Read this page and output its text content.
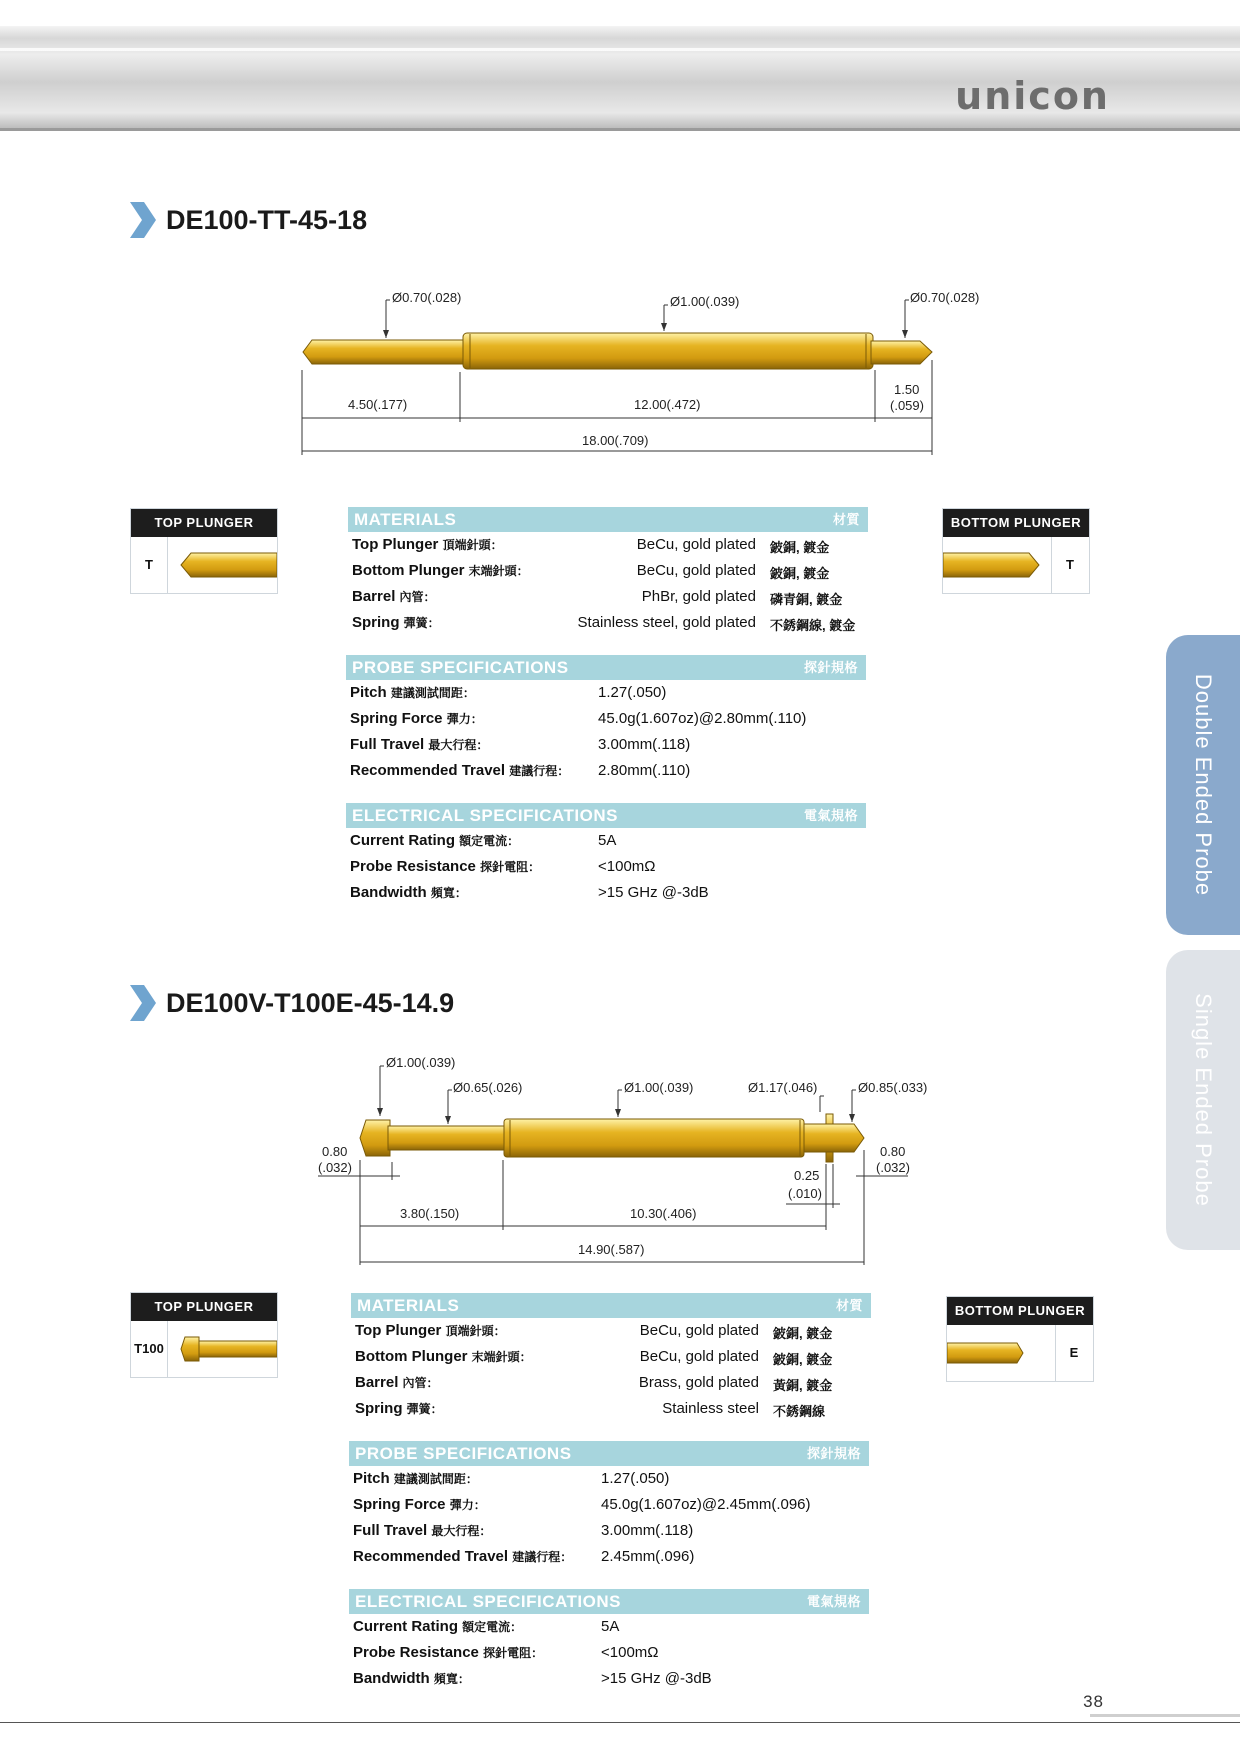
unicon
Double Ended Probe
Single Ended Probe
DE100-TT-45-18
Ø0.70(.028)	Ø1.00(.039)	Ø0.70(.028)
4.50(.177)	12.00(.472)
1.50
(.059)
18.00(.709)
TOP PLUNGER
T
BOTTOM PLUNGER
T
MATERIALS	材質
Top Plunger 頂端針頭：	BeCu, gold plated 鈹銅, 鍍金
Bottom Plunger 末端針頭：	BeCu, gold plated 鈹銅, 鍍金
Barrel 內管：	PhBr, gold plated 磷青銅, 鍍金
Spring 彈簧：	Stainless steel, gold plated 不銹鋼線, 鍍金
PROBE SPECIFICATIONS	探針規格
Pitch 建議測試間距：	1.27(.050)
Spring Force 彈力：	45.0g(1.607oz)@2.80mm(.110)
Full Travel 最大行程：	3.00mm(.118)
Recommended Travel 建議行程： 2.80mm(.110)
ELECTRICAL SPECIFICATIONS	電氣規格
Current Rating 額定電流：	5A
Probe Resistance 探針電阻：	<100mΩ
Bandwidth 頻寬：	>15 GHz @-3dB
DE100V-T100E-45-14.9
Ø1.00(.039)
Ø0.65(.026)	Ø1.00(.039)	Ø1.17(.046)	Ø0.85(.033)
0.80
(.032)
0.80
(.032)
0.25
(.010)
3.80(.150)	10.30(.406)
14.90(.587)
TOP PLUNGER
T100
BOTTOM PLUNGER
E
MATERIALS	材質
Top Plunger 頂端針頭：	BeCu, gold plated 鈹銅, 鍍金
Bottom Plunger 末端針頭：	BeCu, gold plated 鈹銅, 鍍金
Barrel 內管：	Brass, gold plated 黃銅, 鍍金
Spring 彈簧：	Stainless steel 不銹鋼線
PROBE SPECIFICATIONS	探針規格
Pitch 建議測試間距：	1.27(.050)
Spring Force 彈力：	45.0g(1.607oz)@2.45mm(.096)
Full Travel 最大行程：	3.00mm(.118)
Recommended Travel 建議行程： 2.45mm(.096)
ELECTRICAL SPECIFICATIONS	電氣規格
Current Rating 額定電流：	5A
Probe Resistance 探針電阻：	<100mΩ
Bandwidth 頻寬：	>15 GHz @-3dB
38
